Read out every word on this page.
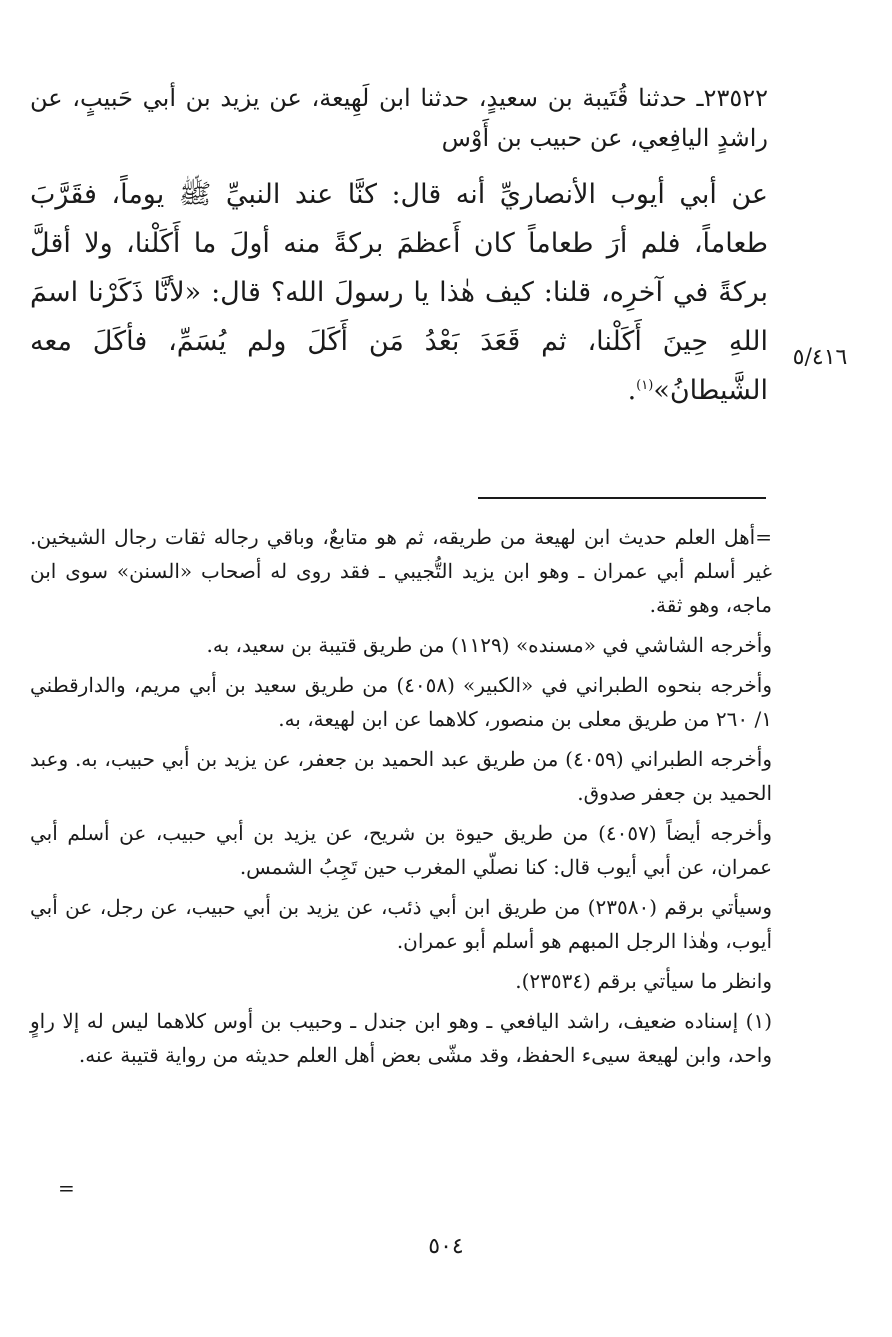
٢٣٥٢٢ـ حدثنا قُتَيبة بن سعيدٍ، حدثنا ابن لَهِيعة، عن يزيد بن أبي حَبيبٍ، عن راشدٍ اليافِعي، عن حبيب بن أَوْس

عن أبي أيوب الأنصاريِّ أنه قال: كنَّا عند النبيِّ ﷺ يوماً، فقَرَّبَ طعاماً، فلم أرَ طعاماً كان أَعظمَ بركةً منه أولَ ما أَكَلْنا، ولا أقلَّ بركةً في آخرِه، قلنا: كيف هٰذا يا رسولَ الله؟ قال: «لأنَّا ذَكَرْنا اسمَ اللهِ حِينَ أَكَلْنا، ثم قَعَدَ بَعْدُ مَن أَكَلَ ولم يُسَمِّ، فأكَلَ معه الشَّيطانُ»$^{(١)}$.

٥/٤١٦

=أهل العلم حديث ابن لهيعة من طريقه، ثم هو متابعٌ، وباقي رجاله ثقات رجال الشيخين. غير أسلم أبي عمران ـ وهو ابن يزيد التُّجيبي ـ فقد روى له أصحاب «السنن» سوى ابن ماجه، وهو ثقة.

وأخرجه الشاشي في «مسنده» (١١٢٩) من طريق قتيبة بن سعيد، به.

وأخرجه بنحوه الطبراني في «الكبير» (٤٠٥٨) من طريق سعيد بن أبي مريم، والدارقطني ١/ ٢٦٠ من طريق معلى بن منصور، كلاهما عن ابن لهيعة، به.

وأخرجه الطبراني (٤٠٥٩) من طريق عبد الحميد بن جعفر، عن يزيد بن أبي حبيب، به. وعبد الحميد بن جعفر صدوق.

وأخرجه أيضاً (٤٠٥٧) من طريق حيوة بن شريح، عن يزيد بن أبي حبيب، عن أسلم أبي عمران، عن أبي أيوب قال: كنا نصلّي المغرب حين تَجِبُ الشمس.

وسيأتي برقم (٢٣٥٨٠) من طريق ابن أبي ذئب، عن يزيد بن أبي حبيب، عن رجل، عن أبي أيوب، وهٰذا الرجل المبهم هو أسلم أبو عمران.

وانظر ما سيأتي برقم (٢٣٥٣٤).

(١) إسناده ضعيف، راشد اليافعي ـ وهو ابن جندل ـ وحبيب بن أوس كلاهما ليس له إلا راوٍ واحد، وابن لهيعة سيىء الحفظ، وقد مشّى بعض أهل العلم حديثه من رواية قتيبة عنه.

=
٥٠٤
